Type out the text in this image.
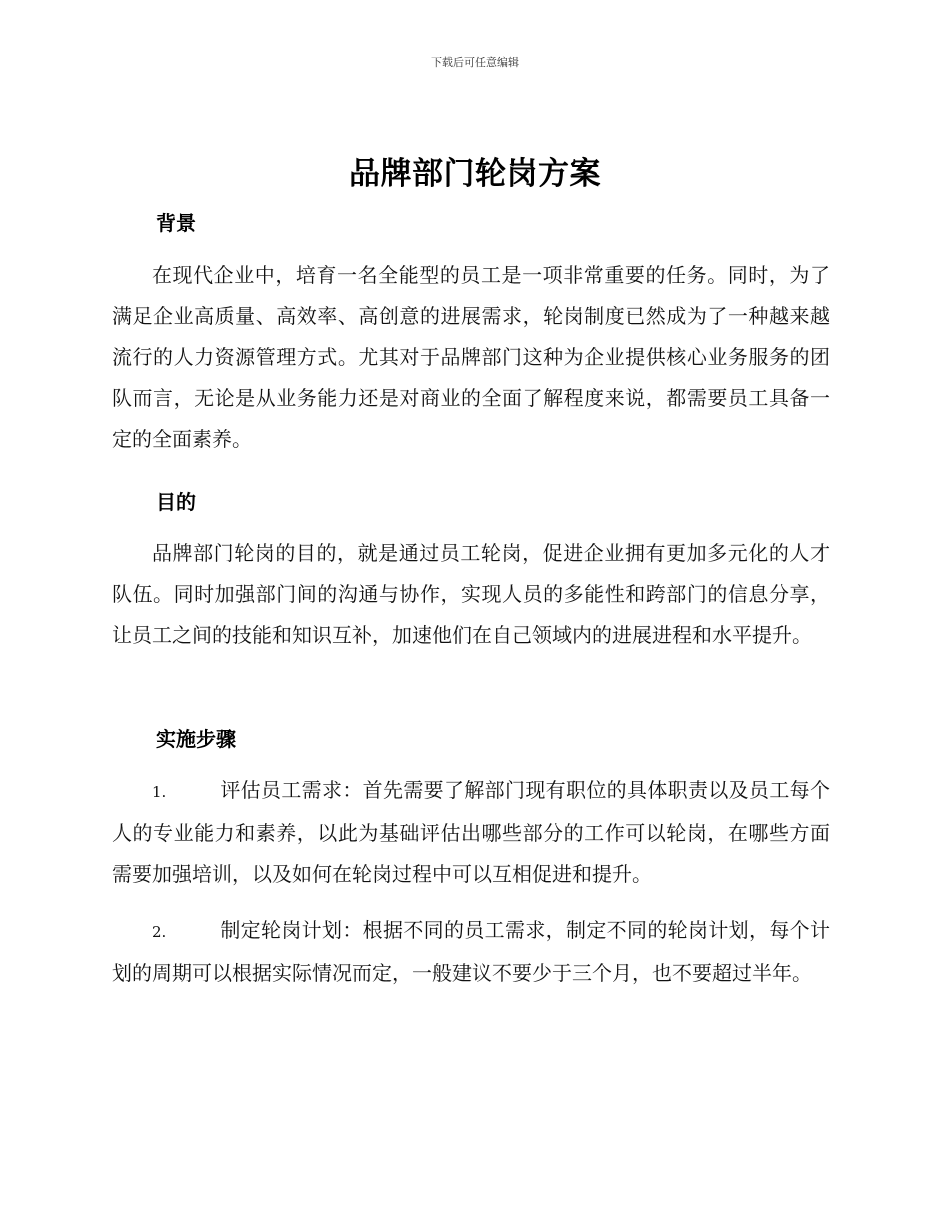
下载后可任意编辑
品牌部门轮岗方案
背景

在现代企业中，培育一名全能型的员工是一项非常重要的任务。同时，为了满足企业高质量、高效率、高创意的进展需求，轮岗制度已然成为了一种越来越流行的人力资源管理方式。尤其对于品牌部门这种为企业提供核心业务服务的团队而言，无论是从业务能力还是对商业的全面了解程度来说，都需要员工具备一定的全面素养。

目的

品牌部门轮岗的目的，就是通过员工轮岗，促进企业拥有更加多元化的人才队伍。同时加强部门间的沟通与协作，实现人员的多能性和跨部门的信息分享，让员工之间的技能和知识互补，加速他们在自己领域内的进展进程和水平提升。

实施步骤

1.	评估员工需求：首先需要了解部门现有职位的具体职责以及员工每个人的专业能力和素养，以此为基础评估出哪些部分的工作可以轮岗，在哪些方面需要加强培训，以及如何在轮岗过程中可以互相促进和提升。

2.	制定轮岗计划：根据不同的员工需求，制定不同的轮岗计划，每个计划的周期可以根据实际情况而定，一般建议不要少于三个月，也不要超过半年。
